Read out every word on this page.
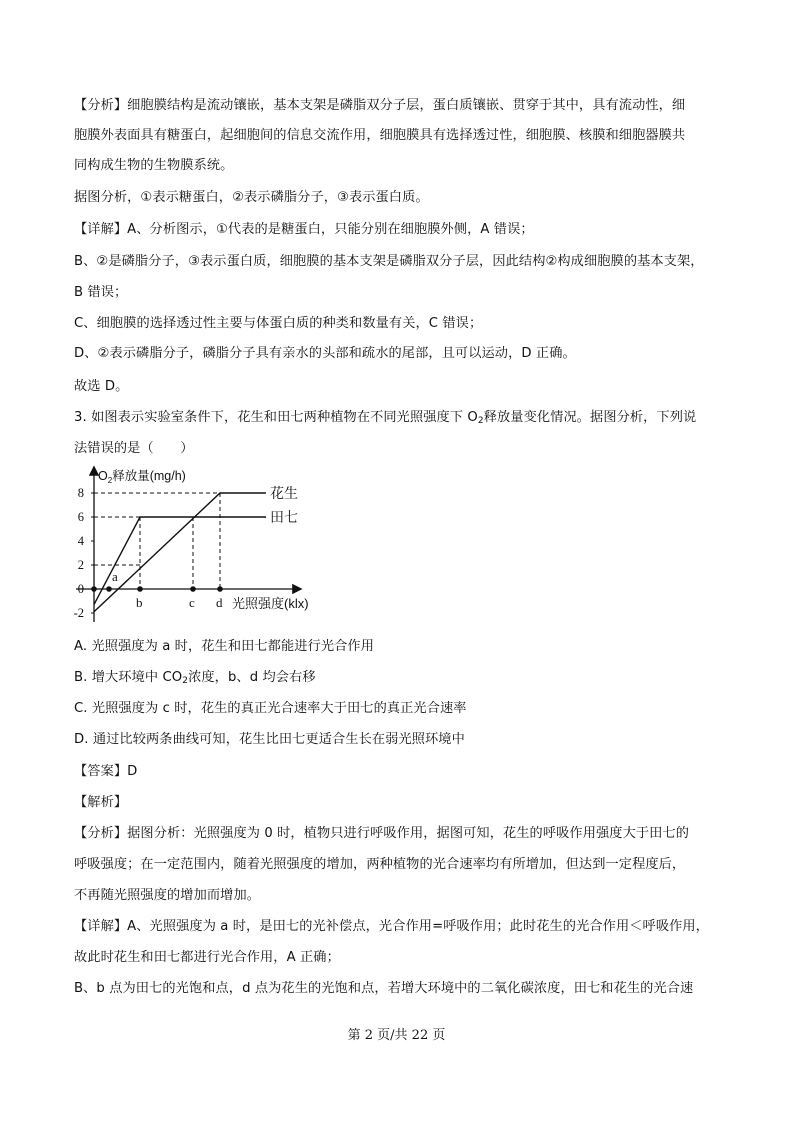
【分析】细胞膜结构是流动镶嵌，基本支架是磷脂双分子层，蛋白质镶嵌、贯穿于其中，具有流动性，细
胞膜外表面具有糖蛋白，起细胞间的信息交流作用，细胞膜具有选择透过性，细胞膜、核膜和细胞器膜共
同构成生物的生物膜系统。
据图分析，①表示糖蛋白，②表示磷脂分子，③表示蛋白质。
【详解】A、分析图示，①代表的是糖蛋白，只能分别在细胞膜外侧，A 错误；
B、②是磷脂分子，③表示蛋白质，细胞膜的基本支架是磷脂双分子层，因此结构②构成细胞膜的基本支架，
B 错误；
C、细胞膜的选择透过性主要与体蛋白质的种类和数量有关，C 错误；
D、②表示磷脂分子，磷脂分子具有亲水的头部和疏水的尾部，且可以运动，D 正确。
故选 D。
3. 如图表示实验室条件下，花生和田七两种植物在不同光照强度下 $O_2$释放量变化情况。据图分析，下列说
法错误的是（　　）
$O_2$释放量(mg/h)
8
6
4
2
0
-2
花生
田七
a
b	c d 光照强度(klx)
A. 光照强度为 a 时，花生和田七都能进行光合作用
B. 增大环境中 $CO_2$浓度，b、d 均会右移
C. 光照强度为 c 时，花生的真正光合速率大于田七的真正光合速率
D. 通过比较两条曲线可知，花生比田七更适合生长在弱光照环境中
【答案】D
【解析】
【分析】据图分析：光照强度为 0 时，植物只进行呼吸作用，据图可知，花生的呼吸作用强度大于田七的
呼吸强度；在一定范围内，随着光照强度的增加，两种植物的光合速率均有所增加，但达到一定程度后，
不再随光照强度的增加而增加。
【详解】A、光照强度为 a 时，是田七的光补偿点，光合作用=呼吸作用；此时花生的光合作用＜呼吸作用，
故此时花生和田七都进行光合作用，A 正确；
B、b 点为田七的光饱和点，d 点为花生的光饱和点，若增大环境中的二氧化碳浓度，田七和花生的光合速
第 2 页/共 22 页
